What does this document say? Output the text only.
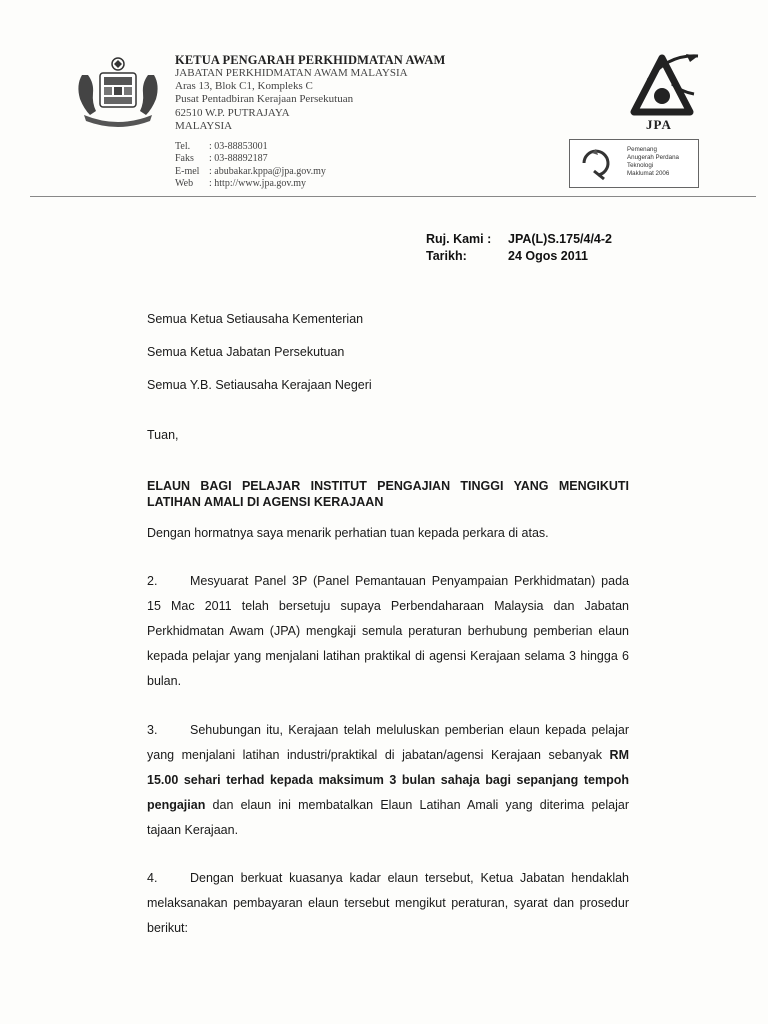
KETUA PENGARAH PERKHIDMATAN AWAM
JABATAN PERKHIDMATAN AWAM MALAYSIA
Aras 13, Blok C1, Kompleks C
Pusat Pentadbiran Kerajaan Persekutuan
62510 W.P. PUTRAJAYA
MALAYSIA
Tel. : 03-88853001
Faks : 03-88892187
E-mel : abubakar.kppa@jpa.gov.my
Web : http://www.jpa.gov.my
JPA
Pemenang
Anugerah Perdana
Teknologi
Maklumat 2006
Ruj. Kami : JPA(L)S.175/4/4-2
Tarikh:	24 Ogos 2011
Semua Ketua Setiausaha Kementerian
Semua Ketua Jabatan Persekutuan
Semua Y.B. Setiausaha Kerajaan Negeri
Tuan,
ELAUN BAGI PELAJAR INSTITUT PENGAJIAN TINGGI YANG MENGIKUTI LATIHAN AMALI DI AGENSI KERAJAAN
Dengan hormatnya saya menarik perhatian tuan kepada perkara di atas.
2.	Mesyuarat Panel 3P (Panel Pemantauan Penyampaian Perkhidmatan) pada 15 Mac 2011 telah bersetuju supaya Perbendaharaan Malaysia dan Jabatan Perkhidmatan Awam (JPA) mengkaji semula peraturan berhubung pemberian elaun kepada pelajar yang menjalani latihan praktikal di agensi Kerajaan selama 3 hingga 6 bulan.
3.	Sehubungan itu, Kerajaan telah meluluskan pemberian elaun kepada pelajar yang menjalani latihan industri/praktikal di jabatan/agensi Kerajaan sebanyak RM 15.00 sehari terhad kepada maksimum 3 bulan sahaja bagi sepanjang tempoh pengajian dan elaun ini membatalkan Elaun Latihan Amali yang diterima pelajar tajaan Kerajaan.
4.	Dengan berkuat kuasanya kadar elaun tersebut, Ketua Jabatan hendaklah melaksanakan pembayaran elaun tersebut mengikut peraturan, syarat dan prosedur berikut:
